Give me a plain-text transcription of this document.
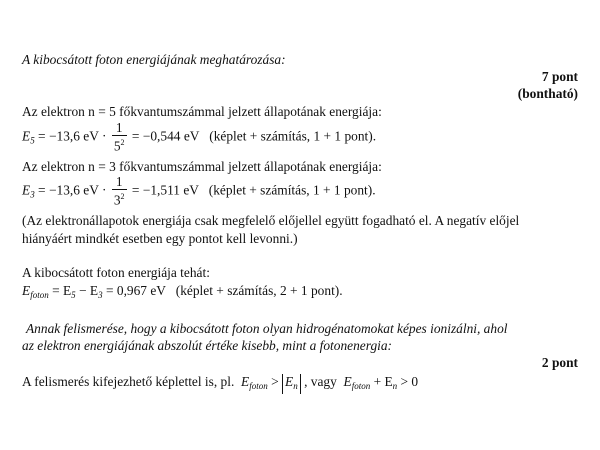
A kibocsátott foton energiájának meghatározása:
7 pont
(bontható)
Az elektron n = 5 főkvantumszámmal jelzett állapotának energiája:
$E_5 = -13,6$ eV · $\frac{1}{5^2} = -0,544$ eV (képlet + számítás, 1 + 1 pont).
Az elektron n = 3 főkvantumszámmal jelzett állapotának energiája:
$E_3 = -13,6$ eV · $\frac{1}{3^2} = -1,511$ eV (képlet + számítás, 1 + 1 pont).
(Az elektronállapotok energiája csak megfelelő előjellel együtt fogadható el. A negatív előjel
hiányáért mindkét esetben egy pontot kell levonni.)
A kibocsátott foton energiája tehát:
$E_{foton} = E_5 - E_3 = 0,967$ eV (képlet + számítás, 2 + 1 pont).
Annak felismerése, hogy a kibocsátott foton olyan hidrogénatomokat képes ionizálni, ahol
az elektron energiájának abszolút értéke kisebb, mint a fotonenergia:
2 pont
A felismerés kifejezhető képlettel is, pl. $E_{foton} > E_n$ , vagy $E_{foton} + E_n > 0$
